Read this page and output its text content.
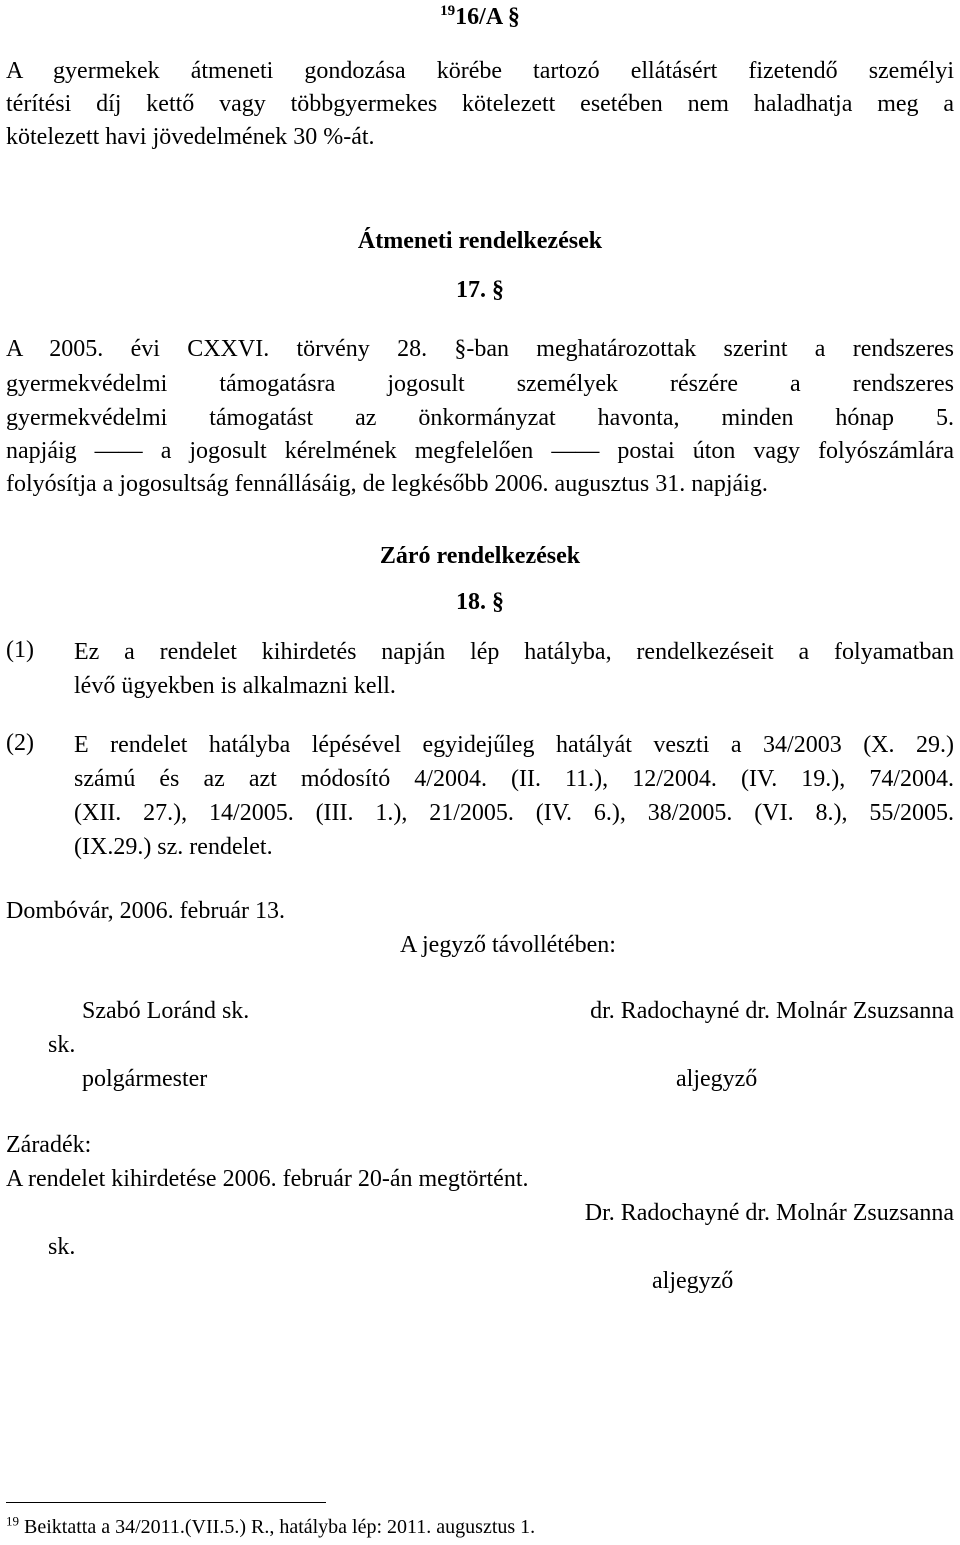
$^{19}$16/A §
A gyermekek átmeneti gondozása körébe tartozó ellátásért fizetendő személyi
térítési díj kettő vagy többgyermekes kötelezett esetében nem haladhatja meg a
kötelezett havi jövedelmének 30 %-át.
Átmeneti rendelkezések
17. §
A 2005. évi CXXVI. törvény 28. §-ban meghatározottak szerint a rendszeres
gyermekvédelmi támogatásra jogosult személyek részére a rendszeres
gyermekvédelmi támogatást az önkormányzat havonta, minden hónap 5.
napjáig —— a jogosult kérelmének megfelelően —— postai úton vagy folyószámlára
folyósítja a jogosultság fennállásáig, de legkésőbb 2006. augusztus 31. napjáig.
Záró rendelkezések
18. §
(1) Ez a rendelet kihirdetés napján lép hatályba, rendelkezéseit a folyamatban
lévő ügyekben is alkalmazni kell.
(2) E rendelet hatályba lépésével egyidejűleg hatályát veszti a 34/2003 (X. 29.)
számú és az azt módosító 4/2004. (II. 11.), 12/2004. (IV. 19.), 74/2004.
(XII. 27.), 14/2005. (III. 1.), 21/2005. (IV. 6.), 38/2005. (VI. 8.), 55/2005.
(IX.29.) sz. rendelet.
Dombóvár, 2006. február 13.
A jegyző távollétében:
Szabó Loránd sk.	dr. Radochayné dr. Molnár Zsuzsanna
sk.
polgármester	aljegyző
Záradék:
A rendelet kihirdetése 2006. február 20-án megtörtént.
Dr. Radochayné dr. Molnár Zsuzsanna
sk.
aljegyző
$^{19}$ Beiktatta a 34/2011.(VII.5.) R., hatályba lép: 2011. augusztus 1.
